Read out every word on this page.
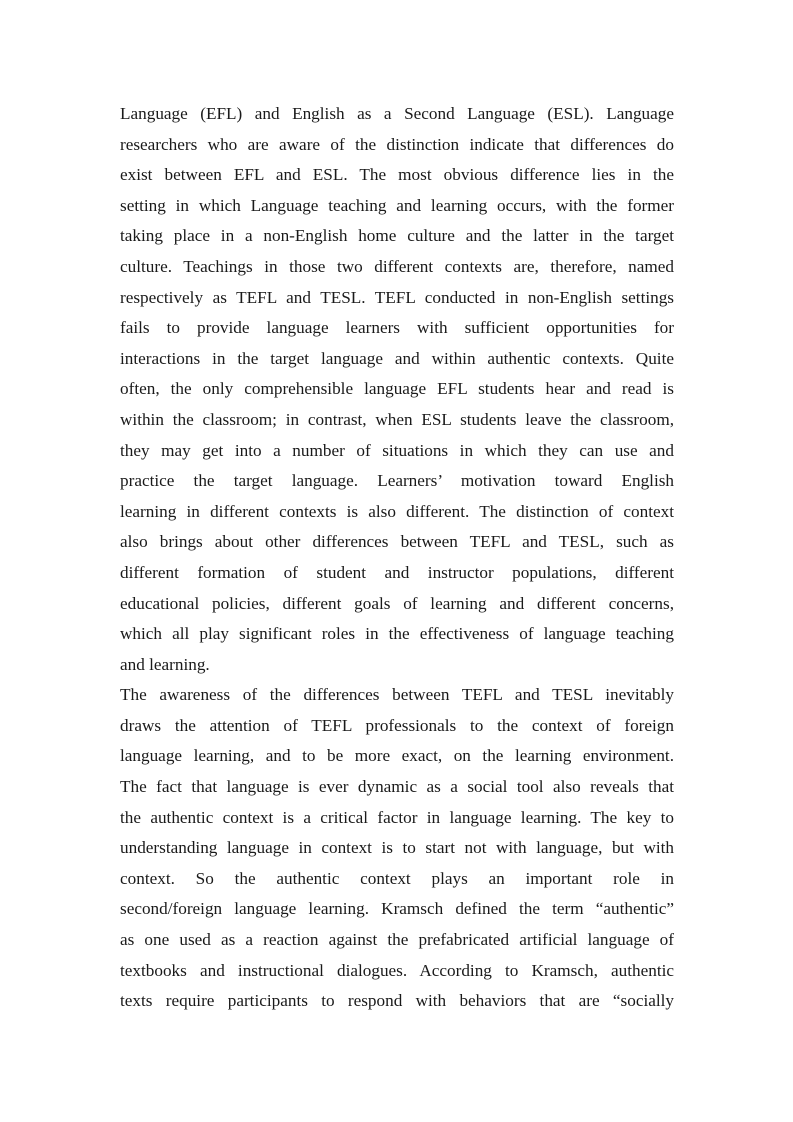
Language (EFL) and English as a Second Language (ESL). Language
researchers who are aware of the distinction indicate that differences do
exist between EFL and ESL. The most obvious difference lies in the
setting in which Language teaching and learning occurs, with the former
taking place in a non-English home culture and the latter in the target
culture. Teachings in those two different contexts are, therefore, named
respectively as TEFL and TESL. TEFL conducted in non-English settings
fails to provide language learners with sufficient opportunities for
interactions in the target language and within authentic contexts. Quite
often, the only comprehensible language EFL students hear and read is
within the classroom; in contrast, when ESL students leave the classroom,
they may get into a number of situations in which they can use and
practice the target language. Learners’ motivation toward English
learning in different contexts is also different. The distinction of context
also brings about other differences between TEFL and TESL, such as
different formation of student and instructor populations, different
educational policies, different goals of learning and different concerns,
which all play significant roles in the effectiveness of language teaching
and learning.
The awareness of the differences between TEFL and TESL inevitably
draws the attention of TEFL professionals to the context of foreign
language learning, and to be more exact, on the learning environment.
The fact that language is ever dynamic as a social tool also reveals that
the authentic context is a critical factor in language learning. The key to
understanding language in context is to start not with language, but with
context. So the authentic context plays an important role in
second/foreign language learning. Kramsch defined the term “authentic”
as one used as a reaction against the prefabricated artificial language of
textbooks and instructional dialogues. According to Kramsch, authentic
texts require participants to respond with behaviors that are “socially
